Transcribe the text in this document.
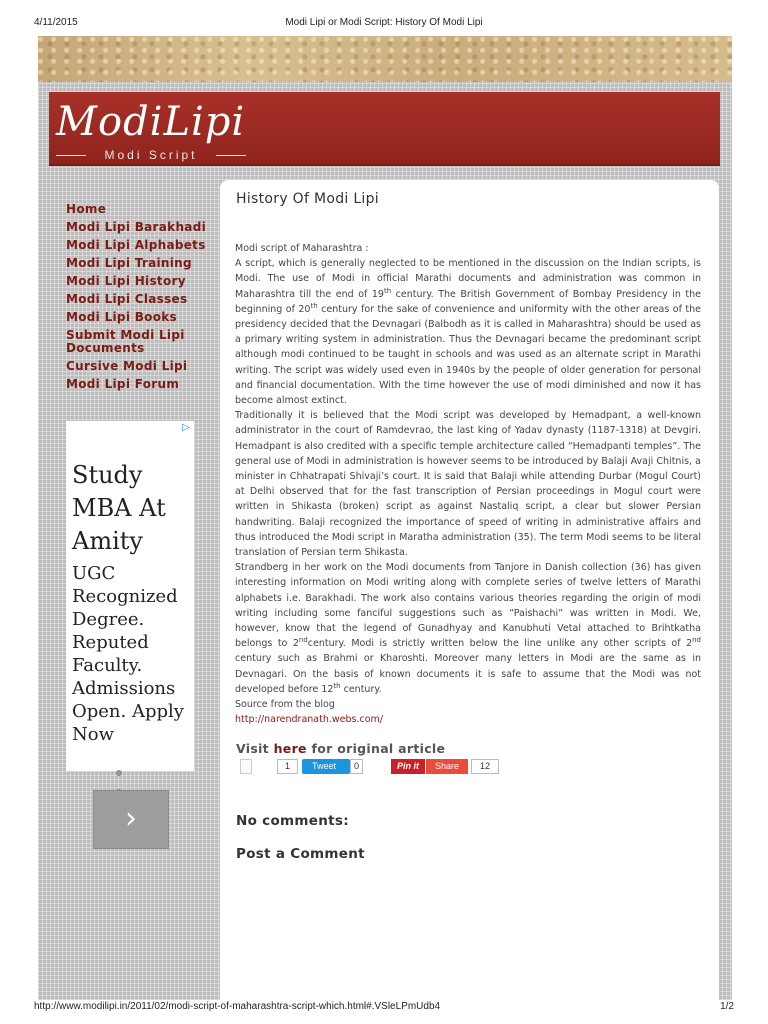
4/11/2015	Modi Lipi or Modi Script: History Of Modi Lipi
ModiLipi
Modi Script
Home
Modi Lipi Barakhadi
Modi Lipi Alphabets
Modi Lipi Training
Modi Lipi History
Modi Lipi Classes
Modi Lipi Books
Submit Modi Lipi Documents
Cursive Modi Lipi
Modi Lipi Forum
▷
Study MBA At Amity
UGC Recognized Degree. Reputed Faculty. Admissions Open. Apply Now
›
History Of Modi Lipi

Modi script of Maharashtra :

A script, which is generally neglected to be mentioned in the discussion on the Indian scripts, is Modi. The use of Modi in official Marathi documents and administration was common in Maharashtra till the end of 19th century. The British Government of Bombay Presidency in the beginning of 20th century for the sake of convenience and uniformity with the other areas of the presidency decided that the Devnagari (Balbodh as it is called in Maharashtra) should be used as a primary writing system in administration. Thus the Devnagari became the predominant script although modi continued to be taught in schools and was used as an alternate script in Marathi writing. The script was widely used even in 1940s by the people of older generation for personal and financial documentation. With the time however the use of modi diminished and now it has become almost extinct.

Traditionally it is believed that the Modi script was developed by Hemadpant, a well-known administrator in the court of Ramdevrao, the last king of Yadav dynasty (1187-1318) at Devgiri. Hemadpant is also credited with a specific temple architecture called “Hemadpanti temples”. The general use of Modi in administration is however seems to be introduced by Balaji Avaji Chitnis, a minister in Chhatrapati Shivaji’s court. It is said that Balaji while attending Durbar (Mogul Court) at Delhi observed that for the fast transcription of Persian proceedings in Mogul court were written in Shikasta (broken) script as against Nastaliq script, a clear but slower Persian handwriting. Balaji recognized the importance of speed of writing in administrative affairs and thus introduced the Modi script in Maratha administration (35). The term Modi seems to be literal translation of Persian term Shikasta.

Strandberg in her work on the Modi documents from Tanjore in Danish collection (36) has given interesting information on Modi writing along with complete series of twelve letters of Marathi alphabets i.e. Barakhadi. The work also contains various theories regarding the origin of modi writing including some fanciful suggestions such as “Paishachi” was written in Modi. We, however, know that the legend of Gunadhyay and Kanubhuti Vetal attached to Brihtkatha belongs to 2ndcentury. Modi is strictly written below the line unlike any other scripts of 2nd century such as Brahmi or Kharoshti. Moreover many letters in Modi are the same as in Devnagari. On the basis of known documents it is safe to assume that the Modi was not developed before 12th century.

Source from the blog

http://narendranath.webs.com/

Visit here for original article
1	Tweet	0	Pin it	Share	12
No comments:
Post a Comment
http://www.modilipi.in/2011/02/modi-script-of-maharashtra-script-which.html#.VSleLPmUdb4	1/2
